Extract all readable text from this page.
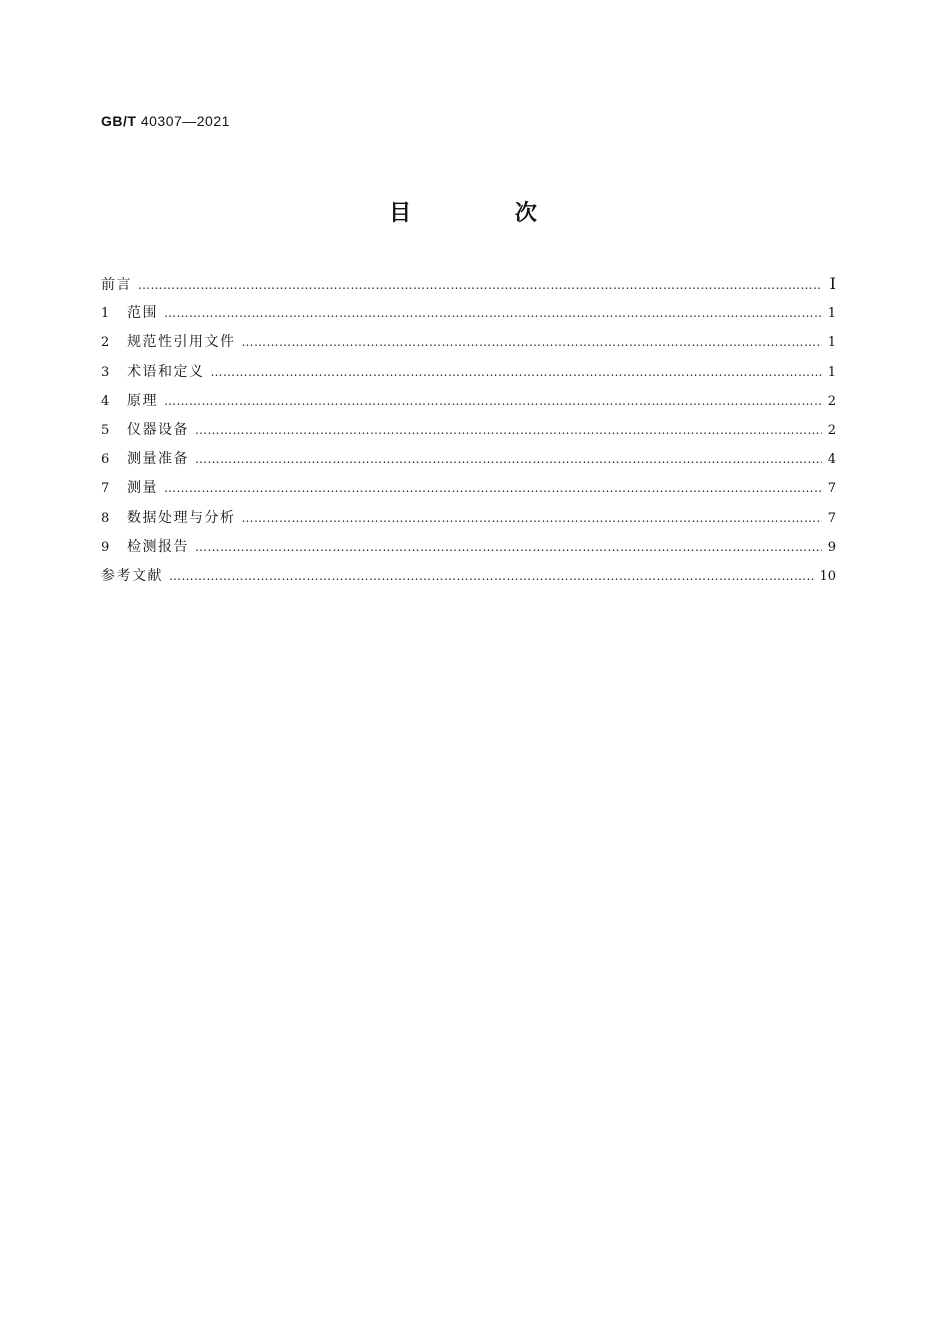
GB/T 40307—2021
目 次
前言 ………………………………………………………………………………………………………………………………………………………………………………………………	Ⅰ
1	范围 ………………………………………………………………………………………………………………………………………………………………………………………………	1
2	规范性引用文件 ………………………………………………………………………………………………………………………………………………………………………………………………	1
3	术语和定义 ………………………………………………………………………………………………………………………………………………………………………………………………	1
4	原理 ………………………………………………………………………………………………………………………………………………………………………………………………	2
5	仪器设备 ………………………………………………………………………………………………………………………………………………………………………………………………	2
6	测量准备 ………………………………………………………………………………………………………………………………………………………………………………………………	4
7	测量 ………………………………………………………………………………………………………………………………………………………………………………………………	7
8	数据处理与分析 ………………………………………………………………………………………………………………………………………………………………………………………………	7
9	检测报告 ………………………………………………………………………………………………………………………………………………………………………………………………	9
参考文献 ………………………………………………………………………………………………………………………………………………………………………………………………	10
